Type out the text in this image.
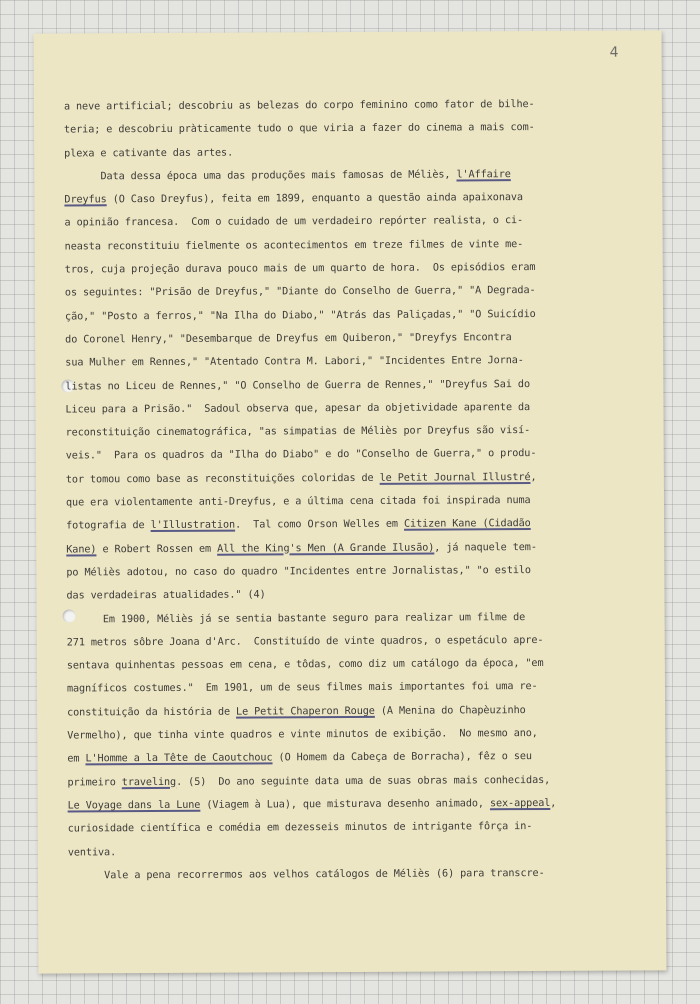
4
a neve artificial; descobriu as belezas do corpo feminino como fator de bilhe-
teria; e descobriu pràticamente tudo o que viria a fazer do cinema a mais com-
plexa e cativante das artes.
Data dessa época uma das produções mais famosas de Méliès, l'Affaire
Dreyfus (O Caso Dreyfus), feita em 1899, enquanto a questão ainda apaixonava
a opinião francesa.  Com o cuidado de um verdadeiro repórter realista, o ci-
neasta reconstituiu fielmente os acontecimentos em treze filmes de vinte me-
tros, cuja projeção durava pouco mais de um quarto de hora.  Os episódios eram
os seguintes: "Prisão de Dreyfus," "Diante do Conselho de Guerra," "A Degrada-
ção," "Posto a ferros," "Na Ilha do Diabo," "Atrás das Paliçadas," "O Suicídio
do Coronel Henry," "Desembarque de Dreyfus em Quiberon," "Dreyfys Encontra
sua Mulher em Rennes," "Atentado Contra M. Labori," "Incidentes Entre Jorna-
listas no Liceu de Rennes," "O Conselho de Guerra de Rennes," "Dreyfus Sai do
Liceu para a Prisão."  Sadoul observa que, apesar da objetividade aparente da
reconstituição cinematográfica, "as simpatias de Méliès por Dreyfus são visí-
veis."  Para os quadros da "Ilha do Diabo" e do "Conselho de Guerra," o produ-
tor tomou como base as reconstituições coloridas de le Petit Journal Illustré,
que era violentamente anti-Dreyfus, e a última cena citada foi inspirada numa
fotografia de l'Illustration.  Tal como Orson Welles em Citizen Kane (Cidadão
Kane) e Robert Rossen em All the King's Men (A Grande Ilusão), já naquele tem-
po Méliès adotou, no caso do quadro "Incidentes entre Jornalistas," "o estilo
das verdadeiras atualidades." (4)
Em 1900, Méliès já se sentia bastante seguro para realizar um filme de
271 metros sôbre Joana d'Arc.  Constituído de vinte quadros, o espetáculo apre-
sentava quinhentas pessoas em cena, e tôdas, como diz um catálogo da época, "em
magníficos costumes."  Em 1901, um de seus filmes mais importantes foi uma re-
constituição da história de Le Petit Chaperon Rouge (A Menina do Chapèuzinho
Vermelho), que tinha vinte quadros e vinte minutos de exibição.  No mesmo ano,
em L'Homme a la Tête de Caoutchouc (O Homem da Cabeça de Borracha), fêz o seu
primeiro traveling. (5)  Do ano seguinte data uma de suas obras mais conhecidas,
Le Voyage dans la Lune (Viagem à Lua), que misturava desenho animado, sex-appeal,
curiosidade científica e comédia em dezesseis minutos de intrigante fôrça in-
ventiva.
Vale a pena recorrermos aos velhos catálogos de Méliès (6) para transcre-
